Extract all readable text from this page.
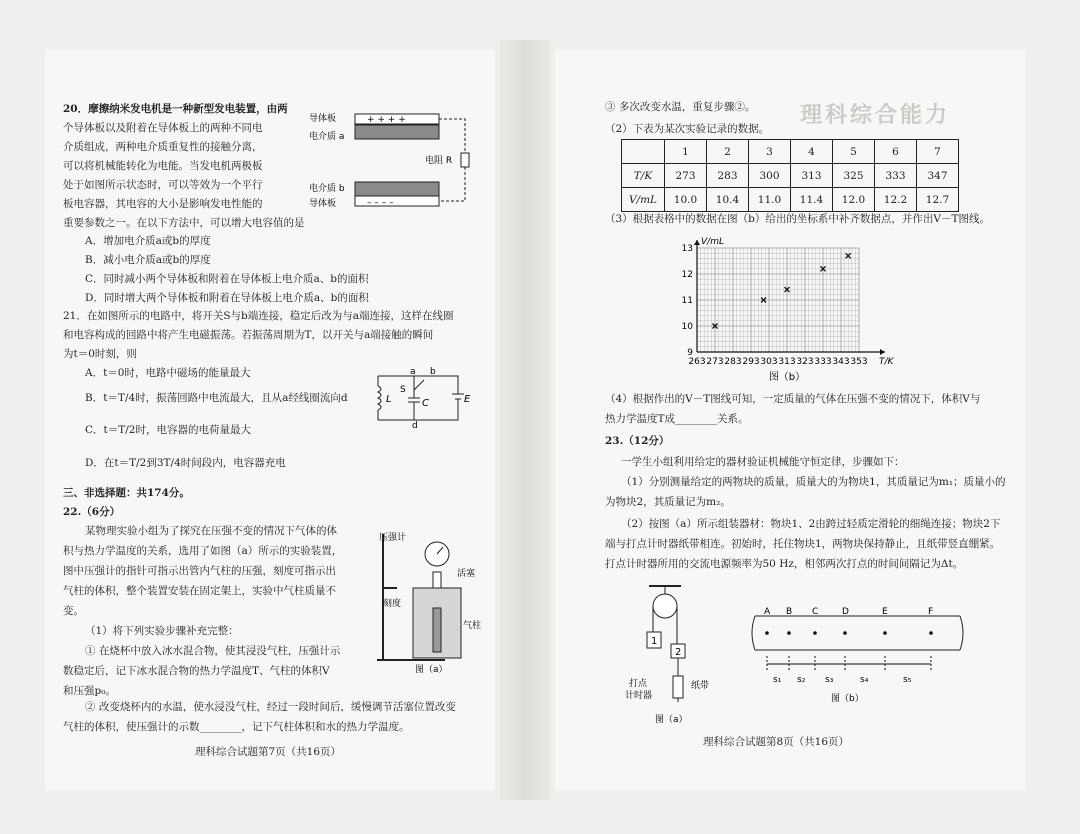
20．摩擦纳米发电机是一种新型发电装置，由两
个导体板以及附着在导体板上的两种不同电
介质组成，两种电介质重复性的接触分离，
可以将机械能转化为电能。当发电机两极板
处于如图所示状态时，可以等效为一个平行
板电容器，其电容的大小是影响发电性能的
重要参数之一。在以下方法中，可以增大电容值的是
A．增加电介质a或b的厚度
B．减小电介质a或b的厚度
C．同时减小两个导体板和附着在导体板上电介质a、b的面积
D．同时增大两个导体板和附着在导体板上电介质a、b的面积
导体板
电介质 a
+ + + +
电介质 b
导体板	– – – –
电阻 R
21．在如图所示的电路中，将开关S与b端连接，稳定后改为与a端连接，这样在线圈
和电容构成的回路中将产生电磁振荡。若振荡周期为T，以开关与a端接触的瞬间
为t＝0时刻，则
A．t＝0时，电路中磁场的能量最大
B．t＝T/4时，振荡回路中电流最大，且从a经线圈流向d
C．t＝T/2时，电容器的电荷量最大
D．在t＝T/2到3T/4时间段内，电容器充电
L
a b
S
C	E
d
三、非选择题：共174分。
22.（6分）
某物理实验小组为了探究在压强不变的情况下气体的体
积与热力学温度的关系，选用了如图（a）所示的实验装置，
图中压强计的指针可指示出管内气柱的压强，刻度可指示出
气柱的体积，整个装置安装在固定架上，实验中气柱质量不
变。
（1）将下列实验步骤补充完整：
① 在烧杯中放入冰水混合物，使其浸没气柱，压强计示
数稳定后，记下冰水混合物的热力学温度T、气柱的体积V
和压强p₀。
② 改变烧杯内的水温，使水浸没气柱，经过一段时间后，缓慢调节活塞位置改变
气柱的体积，使压强计的示数________，记下气柱体积和水的热力学温度。
压强计
活塞
刻度
气柱
图（a）
理科综合试题第7页（共16页）
理科综合能力
③ 多次改变水温，重复步骤②。
（2）下表为某次实验记录的数据。
	1	2	3	4	5	6	7
T/K	273	283	300	313	325	333	347
V/mL	10.0	10.4	11.0	11.4	12.0	12.2	12.7
（3）根据表格中的数据在图（b）给出的坐标系中补齐数据点，并作出V－T图线。
263 273 283 293 303 313 323 333 343 353
9
10
11
12
13
T/K
V/mL
图（b）
（4）根据作出的V－T图线可知，一定质量的气体在压强不变的情况下，体积V与
热力学温度T成________关系。
23.（12分）
一学生小组利用给定的器材验证机械能守恒定律，步骤如下：
（1）分别测量给定的两物块的质量，质量大的为物块1，其质量记为m₁；质量小的
为物块2，其质量记为m₂。
（2）按图（a）所示组装器材：物块1、2由跨过轻质定滑轮的细绳连接；物块2下
端与打点计时器纸带相连。初始时，托住物块1，两物块保持静止，且纸带竖直绷紧。
打点计时器所用的交流电源频率为50 Hz，相邻两次打点的时间间隔记为Δt。
1
2
打点
计时器
纸带
图（a）
图（b）
A
s₁
B
s₂
C
s₃
D
s₄
E
s₅
F
理科综合试题第8页（共16页）
